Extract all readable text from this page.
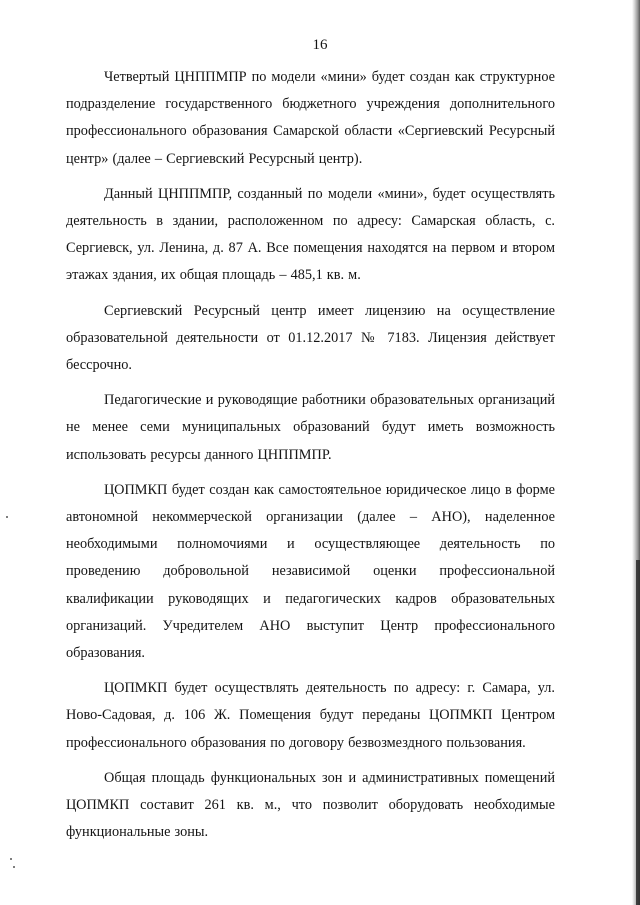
16

Четвертый ЦНППМПР по модели «мини» будет создан как структурное подразделение государственного бюджетного учреждения дополнительного профессионального образования Самарской области «Сергиевский Ресурсный центр» (далее – Сергиевский Ресурсный центр).

Данный ЦНППМПР, созданный по модели «мини», будет осуществлять деятельность в здании, расположенном по адресу: Самарская область, с. Сергиевск, ул. Ленина, д. 87 А. Все помещения находятся на первом и втором этажах здания, их общая площадь – 485,1 кв. м.

Сергиевский Ресурсный центр имеет лицензию на осуществление образовательной деятельности от 01.12.2017 № 7183. Лицензия действует бессрочно.

Педагогические и руководящие работники образовательных организаций не менее семи муниципальных образований будут иметь возможность использовать ресурсы данного ЦНППМПР.

ЦОПМКП будет создан как самостоятельное юридическое лицо в форме автономной некоммерческой организации (далее – АНО), наделенное необходимыми полномочиями и осуществляющее деятельность по проведению добровольной независимой оценки профессиональной квалификации руководящих и педагогических кадров образовательных организаций. Учредителем АНО выступит Центр профессионального образования.

ЦОПМКП будет осуществлять деятельность по адресу: г. Самара, ул. Ново-Садовая, д. 106 Ж. Помещения будут переданы ЦОПМКП Центром профессионального образования по договору безвозмездного пользования.

Общая площадь функциональных зон и административных помещений ЦОПМКП составит 261 кв. м., что позволит оборудовать необходимые функциональные зоны.
